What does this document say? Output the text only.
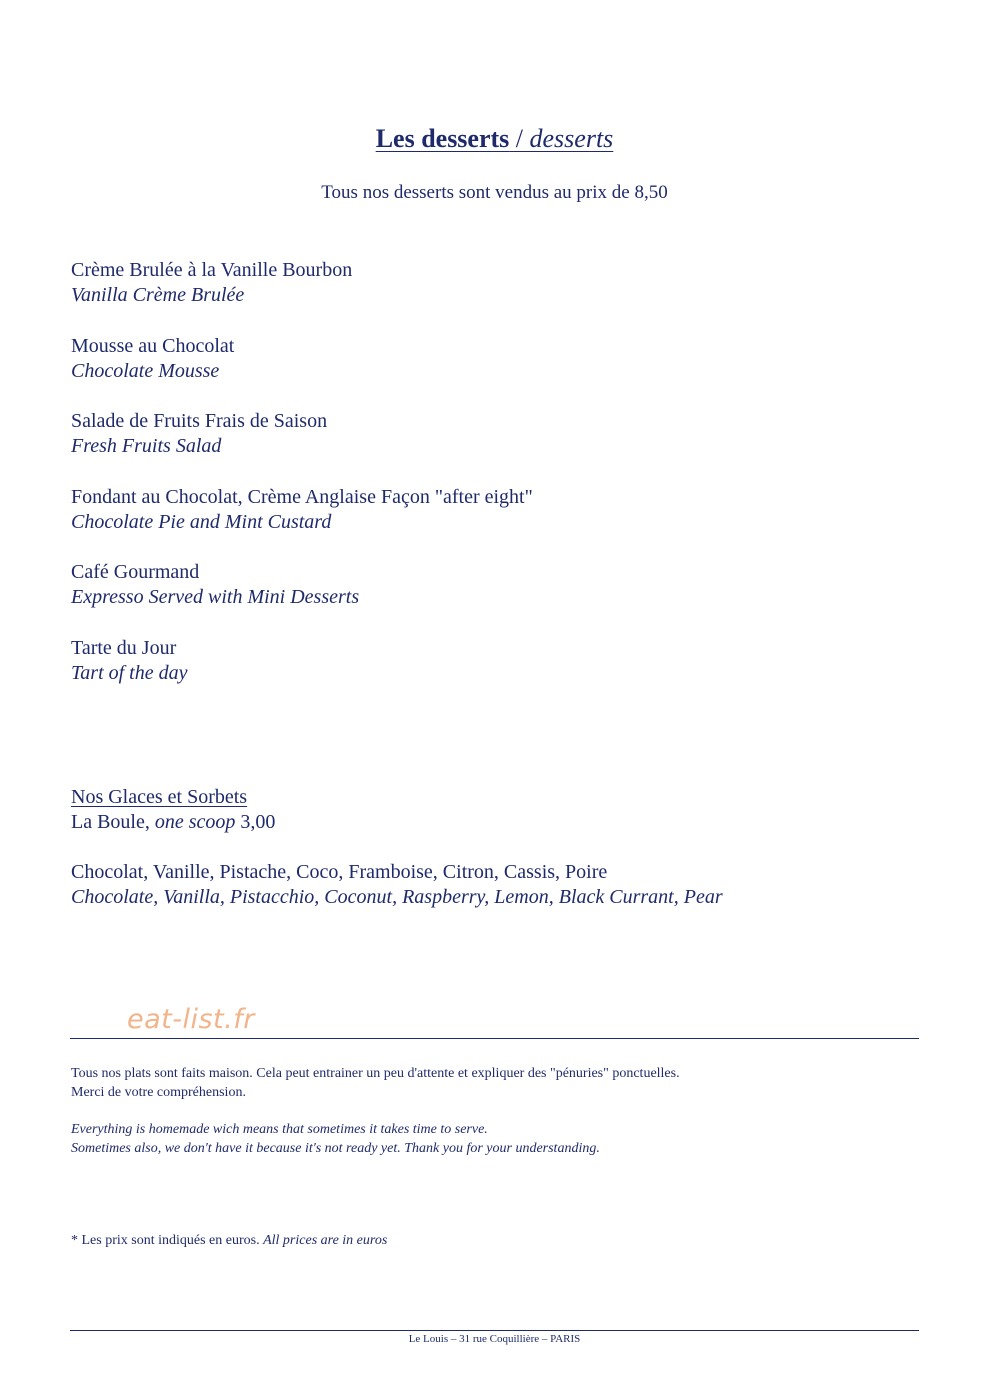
Les desserts / desserts
Tous nos desserts sont vendus au prix de 8,50
Crème Brulée à la Vanille Bourbon
Vanilla Crème Brulée
Mousse au Chocolat
Chocolate Mousse
Salade de Fruits Frais de Saison
Fresh Fruits Salad
Fondant au Chocolat, Crème Anglaise Façon "after eight"
Chocolate Pie and Mint Custard
Café Gourmand
Expresso Served with Mini Desserts
Tarte du Jour
Tart of the day
Nos Glaces et Sorbets
La Boule, one scoop 3,00
Chocolat, Vanille, Pistache, Coco, Framboise, Citron, Cassis, Poire
Chocolate, Vanilla, Pistacchio, Coconut, Raspberry, Lemon, Black Currant, Pear
eat-list.fr
Tous nos plats sont faits maison. Cela peut entrainer un peu d'attente et expliquer des "pénuries" ponctuelles.
Merci de votre compréhension.
Everything is homemade wich means that sometimes it takes time to serve.
Sometimes also, we don't have it because it's not ready yet. Thank you for your understanding.
* Les prix sont indiqués en euros. All prices are in euros
Le Louis – 31 rue Coquillière – PARIS
